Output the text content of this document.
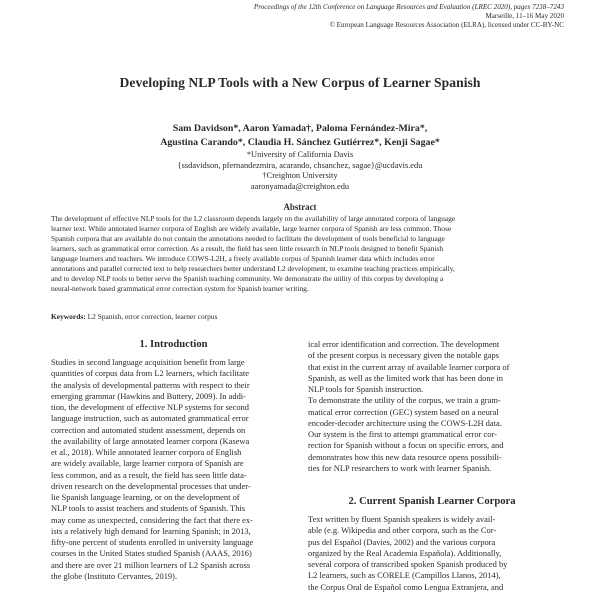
Proceedings of the 12th Conference on Language Resources and Evaluation (LREC 2020), pages 7238–7243
Marseille, 11–16 May 2020
© European Language Resources Association (ELRA), licensed under CC-BY-NC
Developing NLP Tools with a New Corpus of Learner Spanish
Sam Davidson*, Aaron Yamada†, Paloma Fernández-Mira*,
Agustina Carando*, Claudia H. Sánchez Gutiérrez*, Kenji Sagae*
*University of California Davis
{ssdavidson, pfernandezmira, acarando, chsanchez, sagae}@ucdavis.edu
†Creighton University
aaronyamada@creighton.edu
Abstract

The development of effective NLP tools for the L2 classroom depends largely on the availability of large annotated corpora of language

learner text. While annotated learner corpora of English are widely available, large learner corpora of Spanish are less common. Those

Spanish corpora that are available do not contain the annotations needed to facilitate the development of tools beneficial to language

learners, such as grammatical error correction. As a result, the field has seen little research in NLP tools designed to benefit Spanish

language learners and teachers. We introduce COWS-L2H, a freely available corpus of Spanish learner data which includes error

annotations and parallel corrected text to help researchers better understand L2 development, to examine teaching practices empirically,

and to develop NLP tools to better serve the Spanish teaching community. We demonstrate the utility of this corpus by developing a

neural-network based grammatical error correction system for Spanish learner writing.

Keywords: L2 Spanish, error correction, learner corpus
1. Introduction

Studies in second language acquisition benefit from large

quantities of corpus data from L2 learners, which facilitate

the analysis of developmental patterns with respect to their

emerging grammar (Hawkins and Buttery, 2009). In addi-

tion, the development of effective NLP systems for second

language instruction, such as automated grammatical error

correction and automated student assessment, depends on

the availability of large annotated learner corpora (Kasewa

et al., 2018). While annotated learner corpora of English

are widely available, large learner corpora of Spanish are

less common, and as a result, the field has seen little data-

driven research on the developmental processes that under-

lie Spanish language learning, or on the development of

NLP tools to assist teachers and students of Spanish. This

may come as unexpected, considering the fact that there ex-

ists a relatively high demand for learning Spanish; in 2013,

fifty-one percent of students enrolled in university language

courses in the United States studied Spanish (AAAS, 2016)

and there are over 21 million learners of L2 Spanish across

the globe (Instituto Cervantes, 2019).

ical error identification and correction. The development

of the present corpus is necessary given the notable gaps

that exist in the current array of available learner corpora of

Spanish, as well as the limited work that has been done in

NLP tools for Spanish instruction.

To demonstrate the utility of the corpus, we train a gram-

matical error correction (GEC) system based on a neural

encoder-decoder architecture using the COWS-L2H data.

Our system is the first to attempt grammatical error cor-

rection for Spanish without a focus on specific errors, and

demonstrates how this new data resource opens possibili-

ties for NLP researchers to work with learner Spanish.

2. Current Spanish Learner Corpora

Text written by fluent Spanish speakers is widely avail-

able (e.g. Wikipedia and other corpora, such as the Cor-

pus del Español (Davies, 2002) and the various corpora

organized by the Real Academia Española). Additionally,

several corpora of transcribed spoken Spanish produced by

L2 learners, such as CORELE (Campillos Llanos, 2014),

the Corpus Oral de Español como Lengua Extranjera, and
